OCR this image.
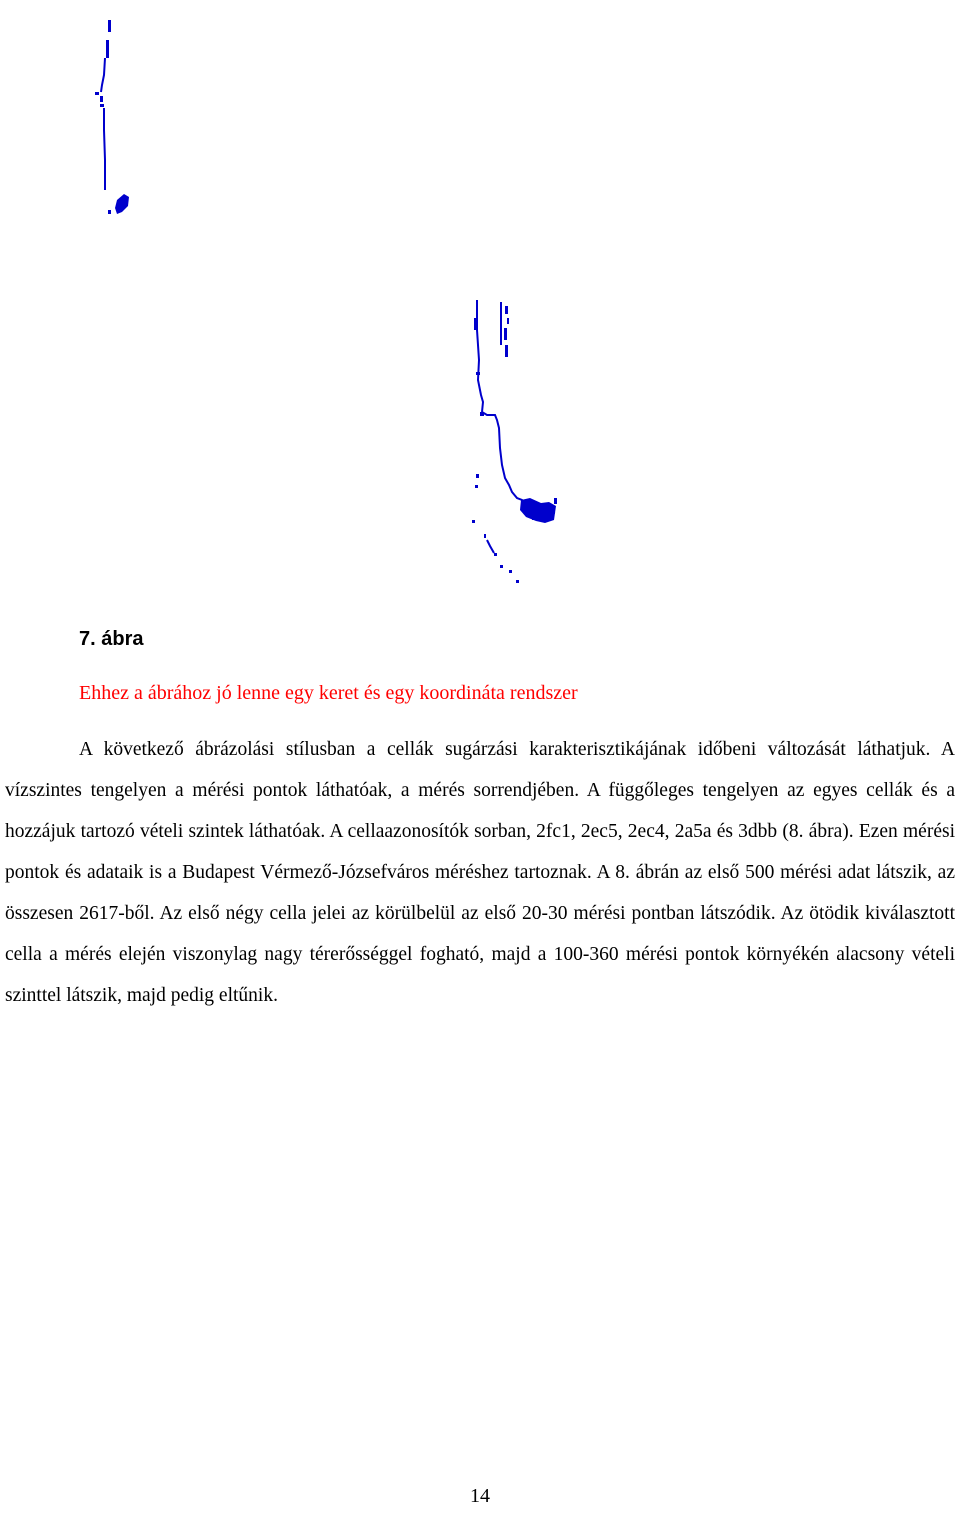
7. ábra
Ehhez a ábrához jó lenne egy keret és egy koordináta rendszer

A következő ábrázolási stílusban a cellák sugárzási karakterisztikájának időbeni változását láthatjuk. A vízszintes tengelyen a mérési pontok láthatóak, a mérés sorrendjében. A függőleges tengelyen az egyes cellák és a hozzájuk tartozó vételi szintek láthatóak. A cellaazonosítók sorban, 2fc1, 2ec5, 2ec4, 2a5a és 3dbb (8. ábra). Ezen mérési pontok és adataik is a Budapest Vérmező-Józsefváros méréshez tartoznak. A 8. ábrán az első 500 mérési adat látszik, az összesen 2617-ből. Az első négy cella jelei az körülbelül az első 20-30 mérési pontban látszódik. Az ötödik kiválasztott cella a mérés elején viszonylag nagy térerősséggel fogható, majd a 100-360 mérési pontok környékén alacsony vételi szinttel látszik, majd pedig eltűnik.

14
